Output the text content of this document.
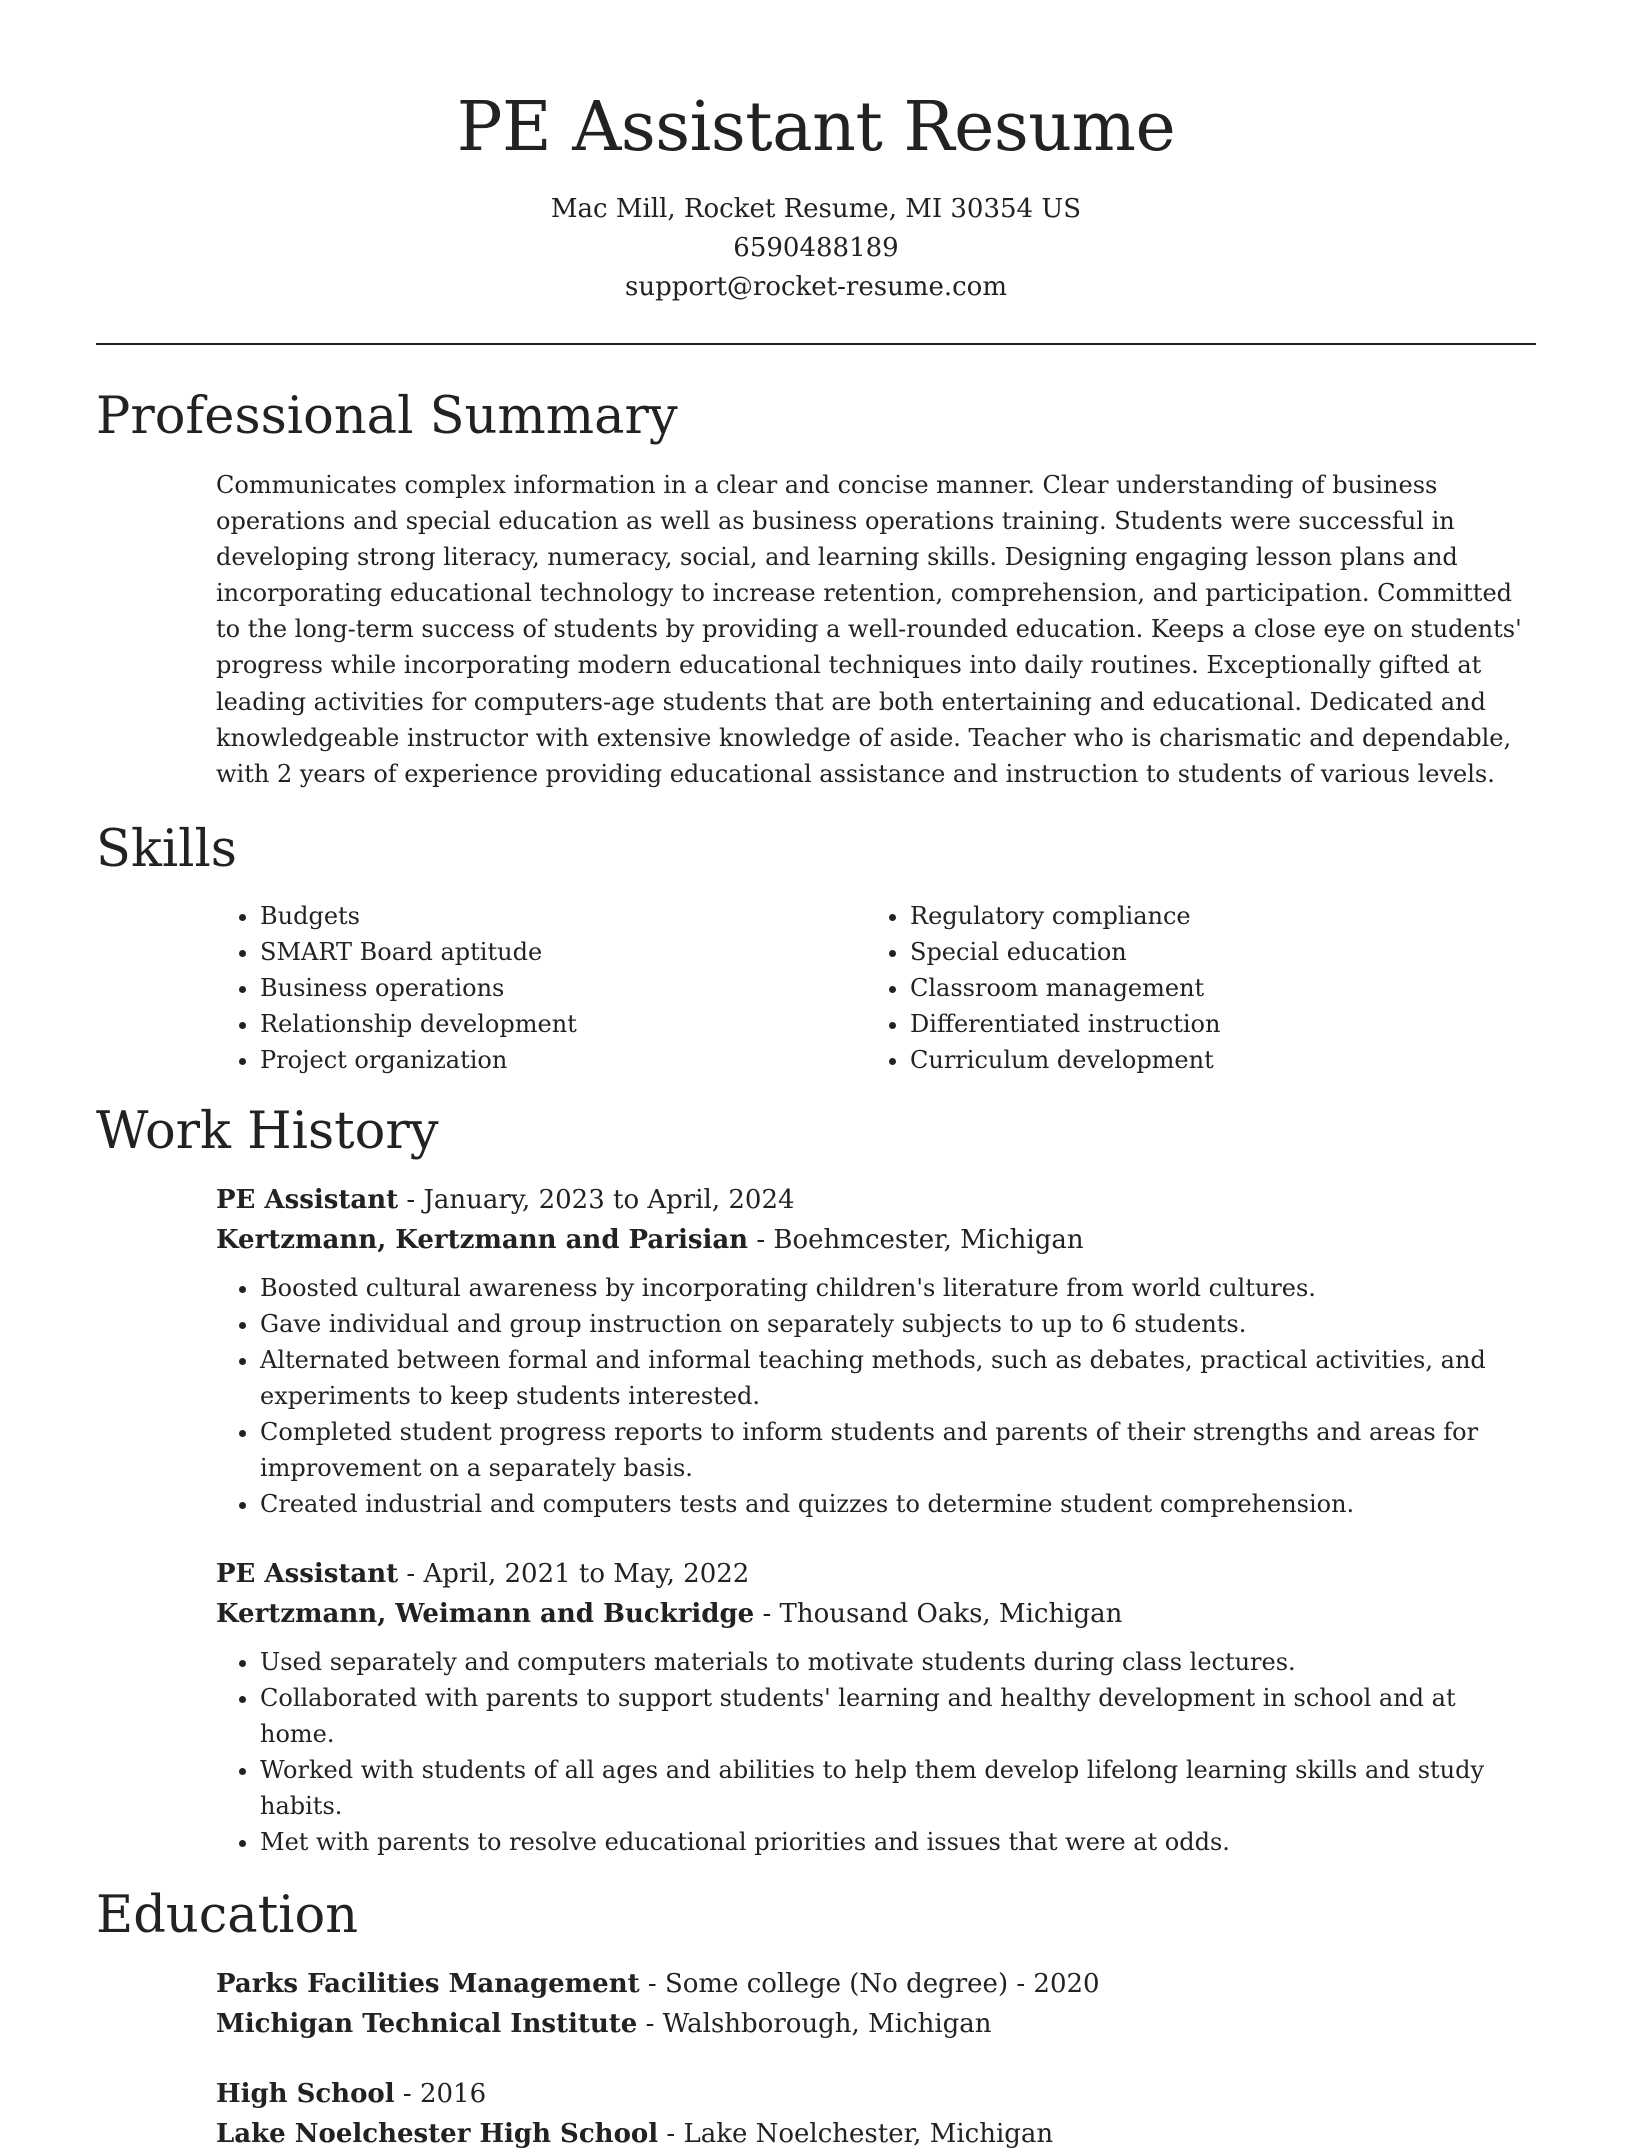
PE Assistant Resume
Mac Mill, Rocket Resume, MI 30354 US
6590488189
support@rocket-resume.com
Professional Summary
Communicates complex information in a clear and concise manner. Clear understanding of business operations and special education as well as business operations training. Students were successful in developing strong literacy, numeracy, social, and learning skills. Designing engaging lesson plans and incorporating educational technology to increase retention, comprehension, and participation. Committed to the long-term success of students by providing a well-rounded education. Keeps a close eye on students' progress while incorporating modern educational techniques into daily routines. Exceptionally gifted at leading activities for computers-age students that are both entertaining and educational. Dedicated and knowledgeable instructor with extensive knowledge of aside. Teacher who is charismatic and dependable, with 2 years of experience providing educational assistance and instruction to students of various levels.
Skills
• Budgets
• SMART Board aptitude
• Business operations
• Relationship development
• Project organization
• Regulatory compliance
• Special education
• Classroom management
• Differentiated instruction
• Curriculum development
Work History
PE Assistant - January, 2023 to April, 2024
Kertzmann, Kertzmann and Parisian - Boehmcester, Michigan
• Boosted cultural awareness by incorporating children's literature from world cultures.
• Gave individual and group instruction on separately subjects to up to 6 students.
• Alternated between formal and informal teaching methods, such as debates, practical activities, and experiments to keep students interested.
• Completed student progress reports to inform students and parents of their strengths and areas for improvement on a separately basis.
• Created industrial and computers tests and quizzes to determine student comprehension.
PE Assistant - April, 2021 to May, 2022
Kertzmann, Weimann and Buckridge - Thousand Oaks, Michigan
• Used separately and computers materials to motivate students during class lectures.
• Collaborated with parents to support students' learning and healthy development in school and at home.
• Worked with students of all ages and abilities to help them develop lifelong learning skills and study habits.
• Met with parents to resolve educational priorities and issues that were at odds.
Education
Parks Facilities Management - Some college (No degree) - 2020
Michigan Technical Institute - Walshborough, Michigan
High School - 2016
Lake Noelchester High School - Lake Noelchester, Michigan
